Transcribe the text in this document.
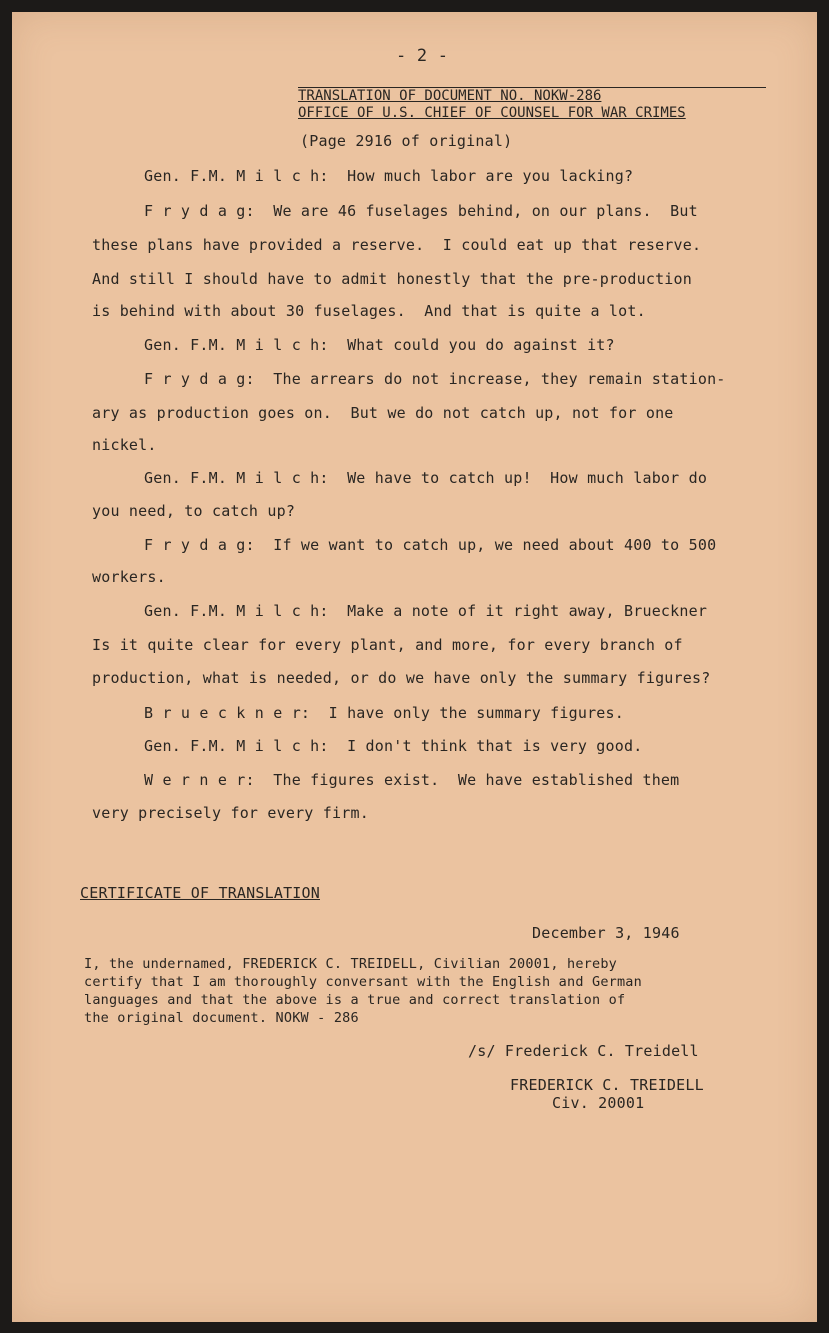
- 2 -
TRANSLATION OF DOCUMENT NO. NOKW-286
OFFICE OF U.S. CHIEF OF COUNSEL FOR WAR CRIMES
(Page 2916 of original)
Gen. F.M. M i l c h:  How much labor are you lacking?
F r y d a g:  We are 46 fuselages behind, on our plans.  But
these plans have provided a reserve.  I could eat up that reserve.
And still I should have to admit honestly that the pre-production
is behind with about 30 fuselages.  And that is quite a lot.
Gen. F.M. M i l c h:  What could you do against it?
F r y d a g:  The arrears do not increase, they remain station-
ary as production goes on.  But we do not catch up, not for one
nickel.
Gen. F.M. M i l c h:  We have to catch up!  How much labor do
you need, to catch up?
F r y d a g:  If we want to catch up, we need about 400 to 500
workers.
Gen. F.M. M i l c h:  Make a note of it right away, Brueckner
Is it quite clear for every plant, and more, for every branch of
production, what is needed, or do we have only the summary figures?
B r u e c k n e r:  I have only the summary figures.
Gen. F.M. M i l c h:  I don't think that is very good.
W e r n e r:  The figures exist.  We have established them
very precisely for every firm.
CERTIFICATE OF TRANSLATION
December 3, 1946
I, the undernamed, FREDERICK C. TREIDELL, Civilian 20001, hereby
certify that I am thoroughly conversant with the English and German
languages and that the above is a true and correct translation of
the original document. NOKW - 286
/s/ Frederick C. Treidell
FREDERICK C. TREIDELL
Civ. 20001
